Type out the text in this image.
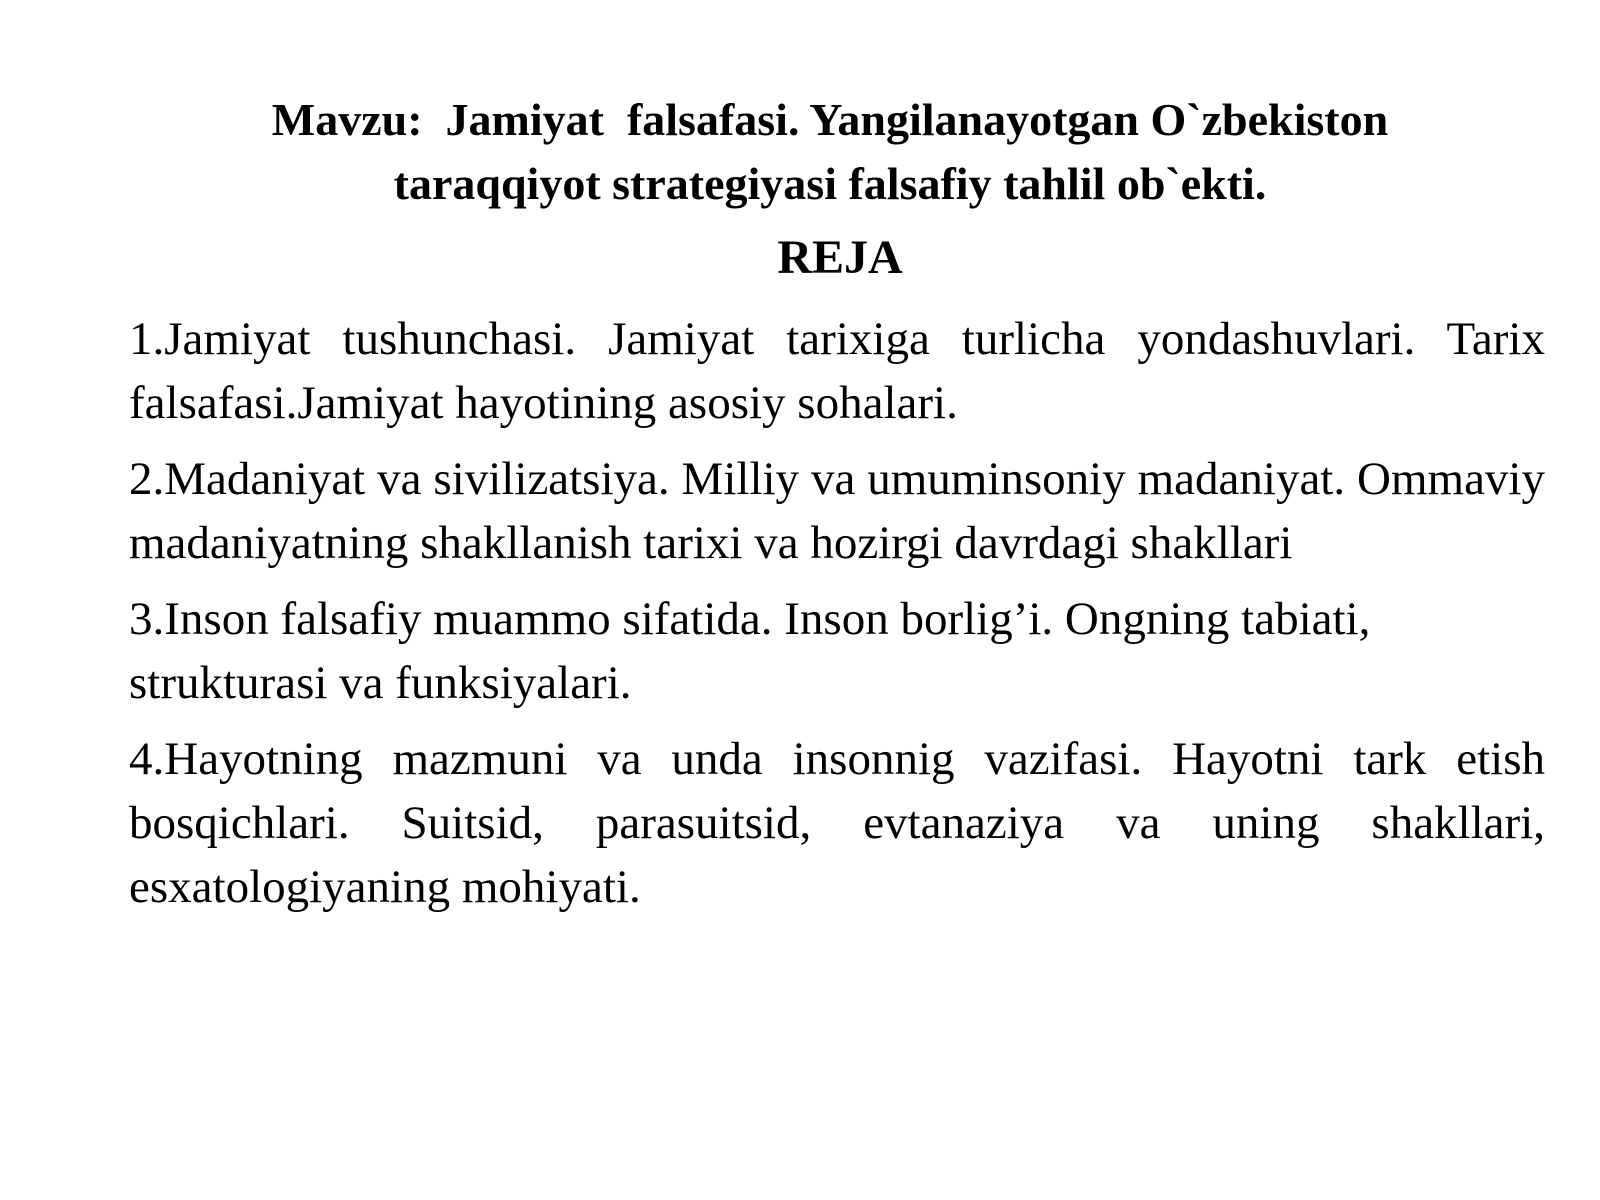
Mavzu:  Jamiyat  falsafasi. Yangilanayotgan O`zbekiston
taraqqiyot strategiyasi falsafiy tahlil ob`ekti.
REJA

1.Jamiyat tushunchasi. Jamiyat tarixiga turlicha yondashuvlari. Tarix falsafasi.Jamiyat hayotining asosiy sohalari.

2.Madaniyat va sivilizatsiya. Milliy va umuminsoniy madaniyat. Ommaviy madaniyatning shakllanish tarixi va hozirgi davrdagi shakllari

3.Inson falsafiy muammo sifatida. Inson borlig’i. Ongning tabiati, strukturasi va funksiyalari.

4.Hayotning mazmuni va unda insonnig vazifasi. Hayotni tark etish bosqichlari. Suitsid, parasuitsid, evtanaziya va uning shakllari, esxatologiyaning mohiyati.
